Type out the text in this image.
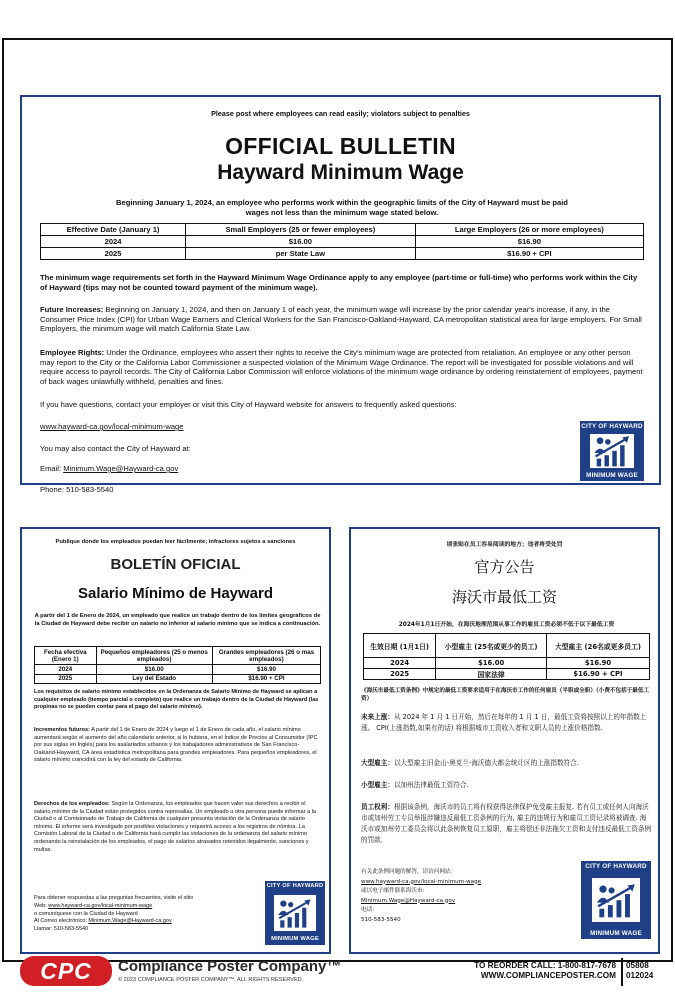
Please post where employees can read easily; violators subject to penalties
OFFICIAL BULLETIN
Hayward Minimum Wage
Beginning January 1, 2024, an employee who performs work within the geographic limits of the City of Hayward must be paid wages not less than the minimum wage stated below.
Effective Date (January 1)	Small Employers (25 or fewer employees)	Large Employers (26 or more employees)
2024	$16.00	$16.90
2025	per State Law	$16.90 + CPI
The minimum wage requirements set forth in the Hayward Minimum Wage Ordinance apply to any employee (part-time or full-time) who performs work within the City of Hayward (tips may not be counted toward payment of the minimum wage).
Future Increases: Beginning on January 1, 2024, and then on January 1 of each year, the minimum wage will increase by the prior calendar year's increase, if any, in the Consumer Price Index (CPI) for Urban Wage Earners and Clerical Workers for the San Francisco-Oakland-Hayward, CA metropolitan statistical area for large employers. For Small Employers, the minimum wage will match California State Law.
Employee Rights: Under the Ordinance, employees who assert their rights to receive the City's minimum wage are protected from retaliation. An employee or any other person may report to the City or the California Labor Commissioner a suspected violation of the Minimum Wage Ordinance. The report will be investigated for possible violations and will require access to payroll records. The City of California Labor Commission will enforce violations of the minimum wage ordinance by ordering reinstatement of employees, payment of back wages unlawfully withheld, penalties and fines.
If you have questions, contact your employer or visit this City of Hayward website for answers to frequently asked questions:
www.hayward-ca.gov/local-minimum-wage
You may also contact the City of Hayward at:
Email: Minimum.Wage@Hayward-ca.gov
Phone: 510-583-5540
CITY OF HAYWARD
MINIMUM WAGE
Publique donde los empleados puedan leer fácilmente; infractores sujetos a sanciones
BOLETÍN OFICIAL
Salario Mínimo de Hayward
A partir del 1 de Enero de 2024, un empleado que realice un trabajo dentro de los límites geográficos de la Ciudad de Hayward debe recibir un salario no inferior al salario mínimo que se indica a continuación.
Fecha efectiva (Enero 1)	Pequeños empleadores (25 o menos empleados)	Grandes empleadores (26 o mas empleados)
2024	$16.00	$16.90
2025	Ley del Estado	$16.90 + CPI
Los requisitos de salario mínimo establecidos en la Ordenanza de Salario Mínimo de Hayward se aplican a cualquier empleado (tiempo parcial o completo) que realice un trabajo dentro de la Ciudad de Hayward (las propinas no se pueden contar para el pago del salario mínimo).
Incrementos futuros: A partir del 1 de Enero de 2024 y luego el 1 de Enero de cada año, el salario mínimo aumentará según el aumento del año calendario anterior, si lo hubiera, en el Índice de Precios al Consumidor (IPC por sus siglas en Inglés) para los asalariados urbanos y los trabajadores administrativos de San Francisco-Oakland-Hayward, CA área estadística metropolitana para grandes empleadores. Para pequeños empleadores, el salario mínimo coincidirá con la ley del estado de California.
Derechos de los empleados: Según la Ordenanza, los empleados que hacen valer sus derechos a recibir el salario mínimo de la Ciudad están protegidos contra represalias. Un empleado u otra persona puede informar a la Ciudad o al Comisionado de Trabajo de California de cualquier presunta violación de la Ordenanza de salario mínimo. El informe será investigado por posibles violaciones y requerirá acceso a los registros de nómina. La Comisión Laboral de la Ciudad o de California hará cumplir las violaciones de la ordenanza del salario mínimo ordenando la reinstalación de los empleados, el pago de salarios atrasados retenidos ilegalmente, sanciones y multas.
Para obtener respuestas a las preguntas frecuentes, visite el sitio
Web: www.hayward-ca.gov/local-minimum-wage
o comuníquese con la Ciudad de Hayward
Al Correo electrónico: Minimum.Wage@Hayward-ca.gov
Llamar: 510-583-5540
CITY OF HAYWARD
MINIMUM WAGE
请张贴在员工容易阅读的地方；违者将受处罚
官方公告
海沃市最低工资
2024年1月1日开始，在海沃地理范围从事工作的雇员工资必须不低于以下最低工资
生效日期 (1月1日)	小型雇主 (25名或更少的员工)	大型雇主 (26名或更多员工)
2024	$16.00	$16.90
2025	国家法律	$16.90 + CPI
《海沃市最低工资条例》中规定的最低工资要求适用于在海沃市工作的任何雇员（半职或全职）（小费不包括于最低工资）
未来上涨：从 2024 年 1 月 1 日开始，然后在每年的 1 月 1 日，最低工资将按照以上的年指数上涨。 CPI(上涨指数,如果有的话) 将根据城市工资收入者和文职人员的上涨价格指数.
大型雇主：以大型雇主旧金山-奥克兰-海沃德大都会统计区的上涨指数符合.
小型雇主：以加州法律最低工资符合.
员工权利：根据该条例，海沃市的员工将有权获得法律保护免受雇主报复. 若有员工或任何人向海沃市或加州劳工专员举报涉嫌违反最低工资条例的行为, 雇主的违规行为和雇员工资记录将被调查. 海沃市或加州劳工委员会将以此条例恢复员工原职，雇主将偿还非法拖欠工资和支付违反最低工资条例的罚款.
有关此条例问题的解答，请访问网站：
www.hayward-ca.gov/local-minimum-wage
或以电子邮件联系海沃市：
Minimum.Wage@Hayward-ca.gov
电话：
510-583-5540
CITY OF HAYWARD
MINIMUM WAGE
CPC	Compliance Poster Company™
© 2023 COMPLIANCE POSTER COMPANY™. ALL RIGHTS RESERVED.
TO REORDER CALL: 1-800-817-7678
WWW.COMPLIANCEPOSTER.COM
05808
012024
